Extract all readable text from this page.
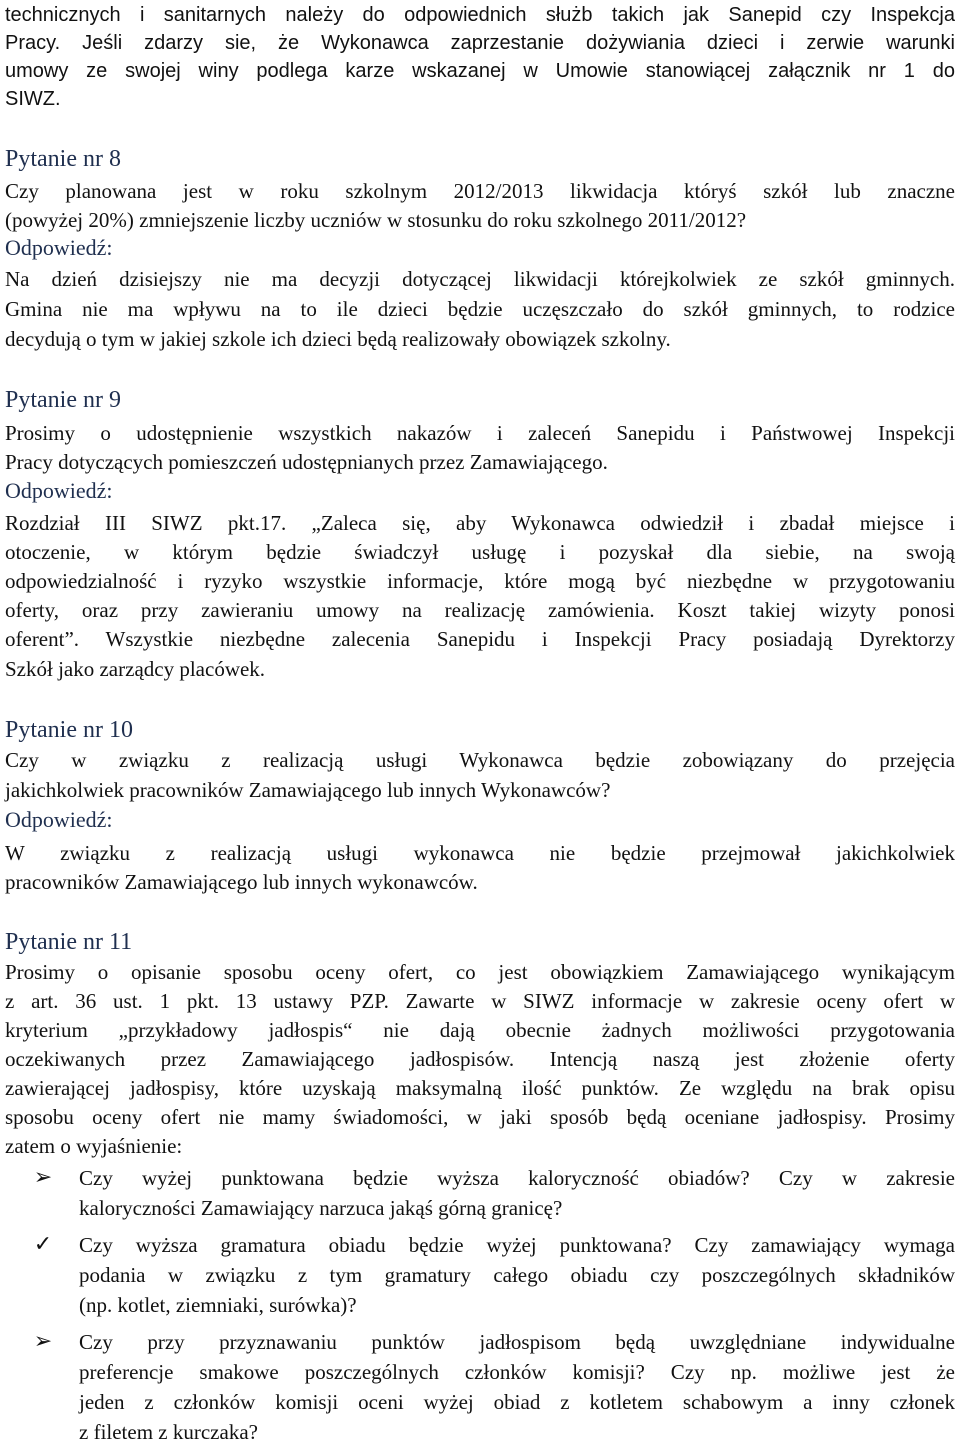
technicznych i sanitarnych należy do odpowiednich służb takich jak Sanepid czy Inspekcja
Pracy. Jeśli zdarzy sie, że Wykonawca zaprzestanie dożywiania dzieci i zerwie warunki
umowy ze swojej winy podlega karze wskazanej w Umowie stanowiącej załącznik nr 1 do
SIWZ.
Pytanie nr 8
Czy planowana jest w roku szkolnym 2012/2013 likwidacja któryś szkół lub znaczne
(powyżej 20%) zmniejszenie liczby uczniów w stosunku do roku szkolnego 2011/2012?
Odpowiedź:
Na dzień dzisiejszy nie ma decyzji dotyczącej likwidacji którejkolwiek ze szkół gminnych.
Gmina nie ma wpływu na to ile dzieci będzie uczęszczało do szkół gminnych, to rodzice
decydują o tym w jakiej szkole ich dzieci będą realizowały obowiązek szkolny.
Pytanie nr 9
Prosimy o udostępnienie wszystkich nakazów i zaleceń Sanepidu i Państwowej Inspekcji
Pracy dotyczących pomieszczeń udostępnianych przez Zamawiającego.
Odpowiedź:
Rozdział III SIWZ pkt.17. „Zaleca się, aby Wykonawca odwiedził i zbadał miejsce i
otoczenie, w którym będzie świadczył usługę i pozyskał dla siebie, na swoją
odpowiedzialność i ryzyko wszystkie informacje, które mogą być niezbędne w przygotowaniu
oferty, oraz przy zawieraniu umowy na realizację zamówienia. Koszt takiej wizyty ponosi
oferent”. Wszystkie niezbędne zalecenia Sanepidu i Inspekcji Pracy posiadają Dyrektorzy
Szkół jako zarządcy placówek.
Pytanie nr 10
Czy w związku z realizacją usługi Wykonawca będzie zobowiązany do przejęcia
jakichkolwiek pracowników Zamawiającego lub innych Wykonawców?
Odpowiedź:
W związku z realizacją usługi wykonawca nie będzie przejmował jakichkolwiek
pracowników Zamawiającego lub innych wykonawców.
Pytanie nr 11
Prosimy o opisanie sposobu oceny ofert, co jest obowiązkiem Zamawiającego wynikającym
z art. 36 ust. 1 pkt. 13 ustawy PZP. Zawarte w SIWZ informacje w zakresie oceny ofert w
kryterium „przykładowy jadłospis“ nie dają obecnie żadnych możliwości przygotowania
oczekiwanych przez Zamawiającego jadłospisów. Intencją naszą jest złożenie oferty
zawierającej jadłospisy, które uzyskają maksymalną ilość punktów. Ze względu na brak opisu
sposobu oceny ofert nie mamy świadomości, w jaki sposób będą oceniane jadłospisy. Prosimy
zatem o wyjaśnienie:
➢ Czy wyżej punktowana będzie wyższa kaloryczność obiadów? Czy w zakresie
kaloryczności Zamawiający narzuca jakąś górną granicę?
✓ Czy wyższa gramatura obiadu będzie wyżej punktowana? Czy zamawiający wymaga
podania w związku z tym gramatury całego obiadu czy poszczególnych składników
(np. kotlet, ziemniaki, surówka)?
➢ Czy przy przyznawaniu punktów jadłospisom będą uwzględniane indywidualne
preferencje smakowe poszczególnych członków komisji? Czy np. możliwe jest że
jeden z członków komisji oceni wyżej obiad z kotletem schabowym a inny członek
z filetem z kurczaka?
